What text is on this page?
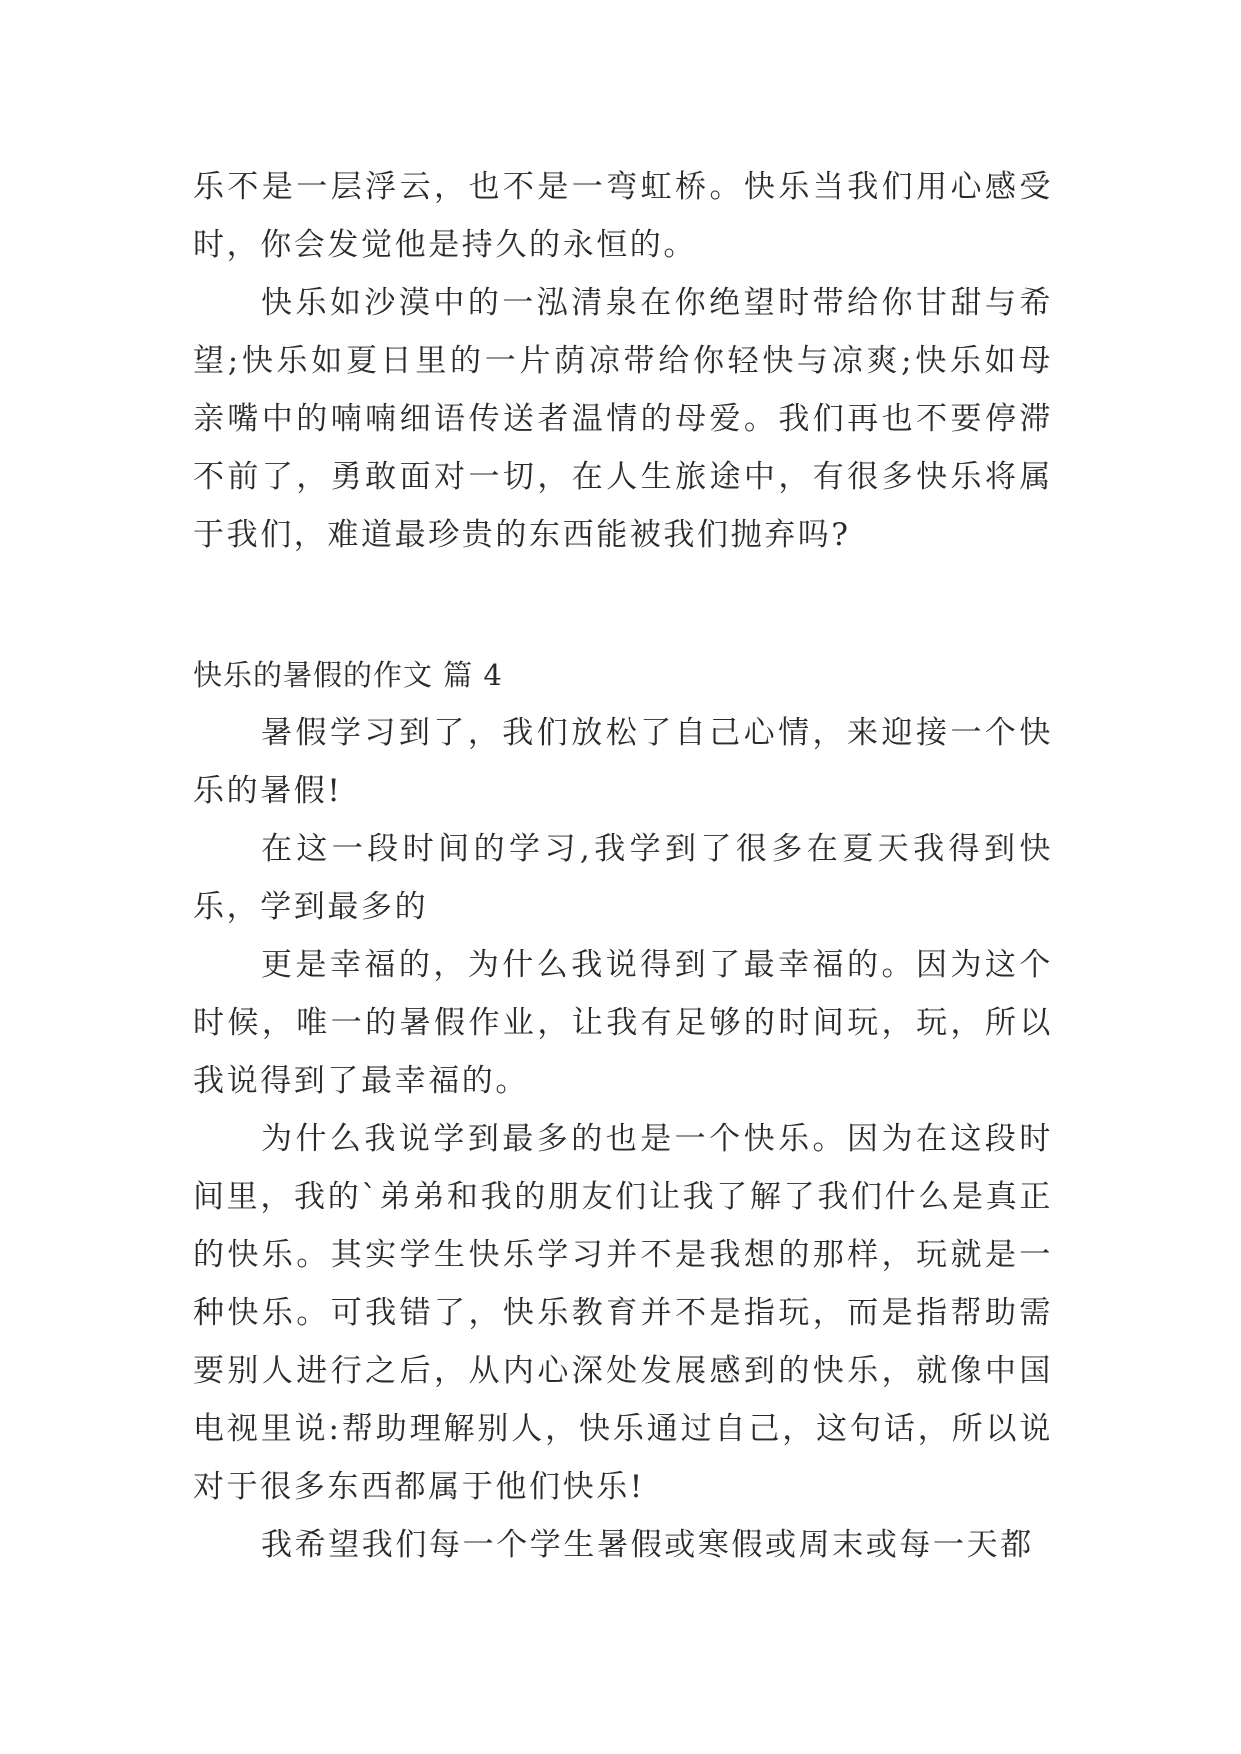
乐不是一层浮云，也不是一弯虹桥。快乐当我们用心感受时，你会发觉他是持久的永恒的。

快乐如沙漠中的一泓清泉在你绝望时带给你甘甜与希望;快乐如夏日里的一片荫凉带给你轻快与凉爽;快乐如母亲嘴中的喃喃细语传送者温情的母爱。我们再也不要停滞不前了，勇敢面对一切，在人生旅途中，有很多快乐将属于我们，难道最珍贵的东西能被我们抛弃吗?

快乐的暑假的作文 篇 4

暑假学习到了，我们放松了自己心情，来迎接一个快乐的暑假!

在这一段时间的学习,我学到了很多在夏天我得到快乐，学到最多的

更是幸福的，为什么我说得到了最幸福的。因为这个时候，唯一的暑假作业，让我有足够的时间玩，玩，所以我说得到了最幸福的。

为什么我说学到最多的也是一个快乐。因为在这段时间里，我的`弟弟和我的朋友们让我了解了我们什么是真正的快乐。其实学生快乐学习并不是我想的那样，玩就是一种快乐。可我错了，快乐教育并不是指玩，而是指帮助需要别人进行之后，从内心深处发展感到的快乐，就像中国电视里说:帮助理解别人，快乐通过自己，这句话，所以说对于很多东西都属于他们快乐!

我希望我们每一个学生暑假或寒假或周末或每一天都
